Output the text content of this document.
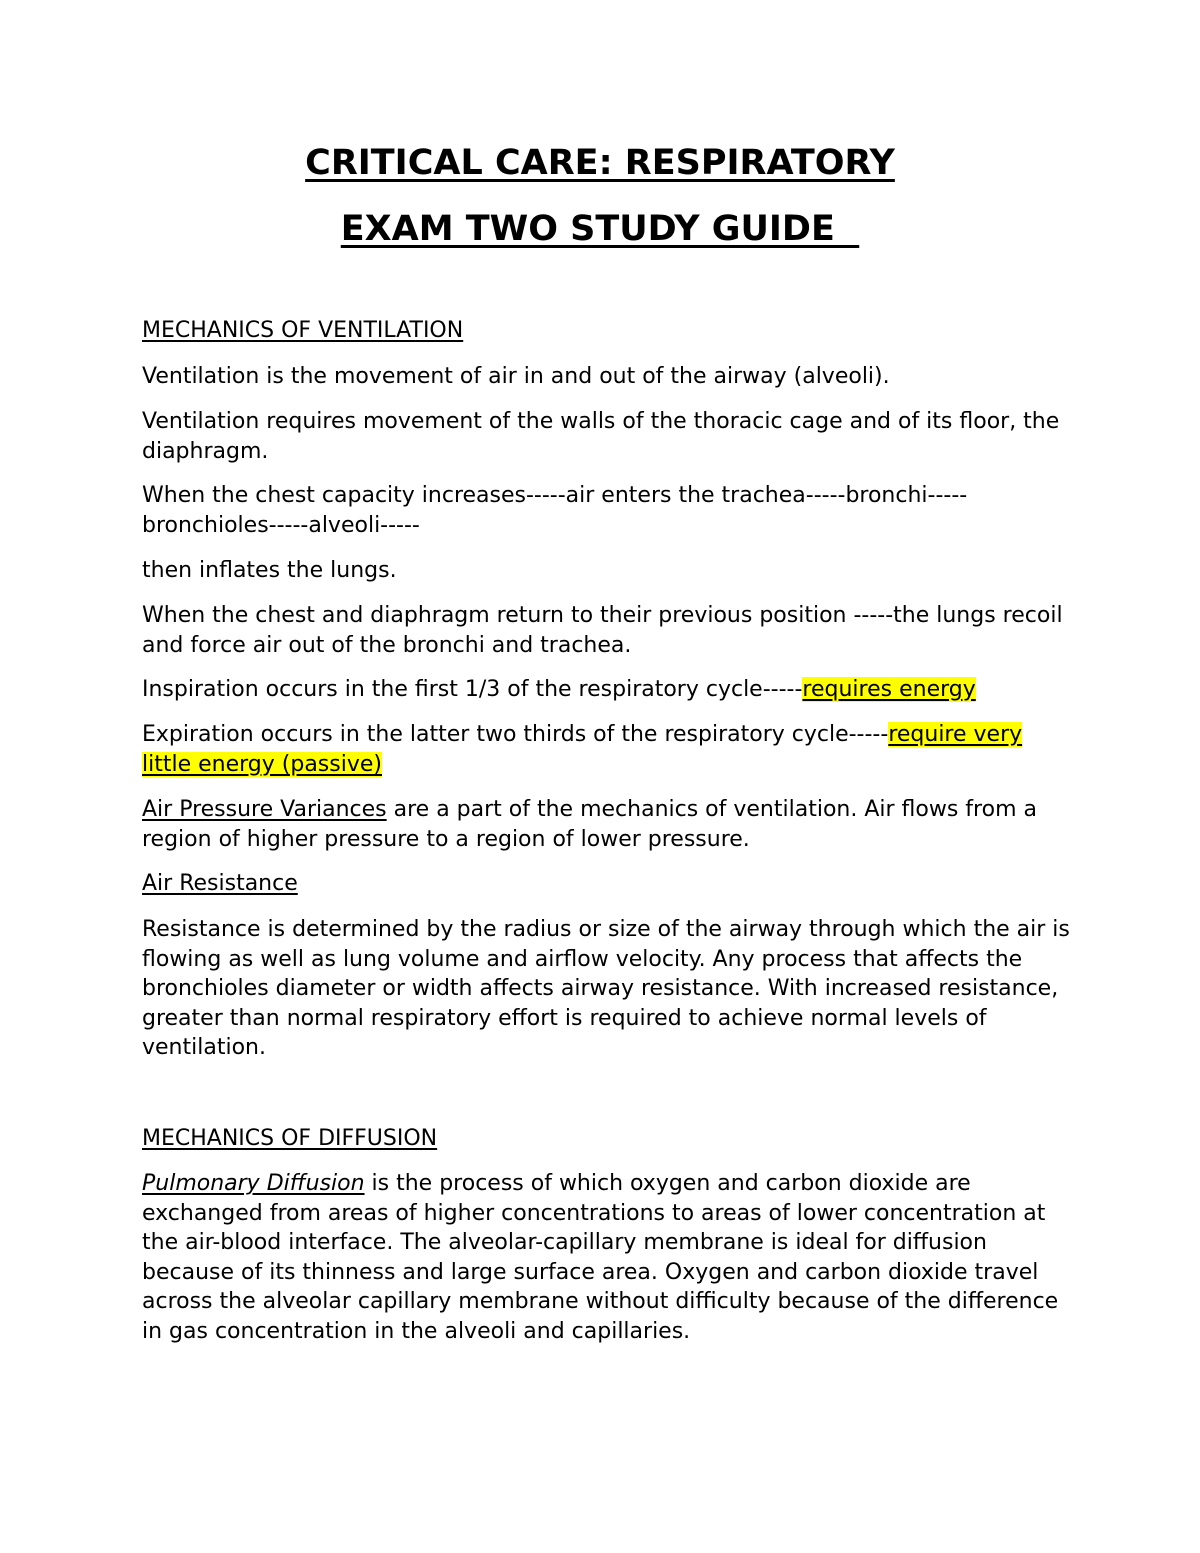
CRITICAL CARE: RESPIRATORY
EXAM TWO STUDY GUIDE

MECHANICS OF VENTILATION

Ventilation is the movement of air in and out of the airway (alveoli).

Ventilation requires movement of the walls of the thoracic cage and of its floor, the diaphragm.

When the chest capacity increases-----air enters the trachea-----bronchi-----bronchioles-----alveoli-----

then inflates the lungs.

When the chest and diaphragm return to their previous position -----the lungs recoil and force air out of the bronchi and trachea.

Inspiration occurs in the first 1/3 of the respiratory cycle-----requires energy

Expiration occurs in the latter two thirds of the respiratory cycle-----require very little energy (passive)

Air Pressure Variances are a part of the mechanics of ventilation. Air flows from a region of higher pressure to a region of lower pressure.

Air Resistance

Resistance is determined by the radius or size of the airway through which the air is flowing as well as lung volume and airflow velocity. Any process that affects the bronchioles diameter or width affects airway resistance. With increased resistance, greater than normal respiratory effort is required to achieve normal levels of ventilation.

MECHANICS OF DIFFUSION

Pulmonary Diffusion is the process of which oxygen and carbon dioxide are exchanged from areas of higher concentrations to areas of lower concentration at the air-blood interface. The alveolar-capillary membrane is ideal for diffusion because of its thinness and large surface area. Oxygen and carbon dioxide travel across the alveolar capillary membrane without difficulty because of the difference in gas concentration in the alveoli and capillaries.
